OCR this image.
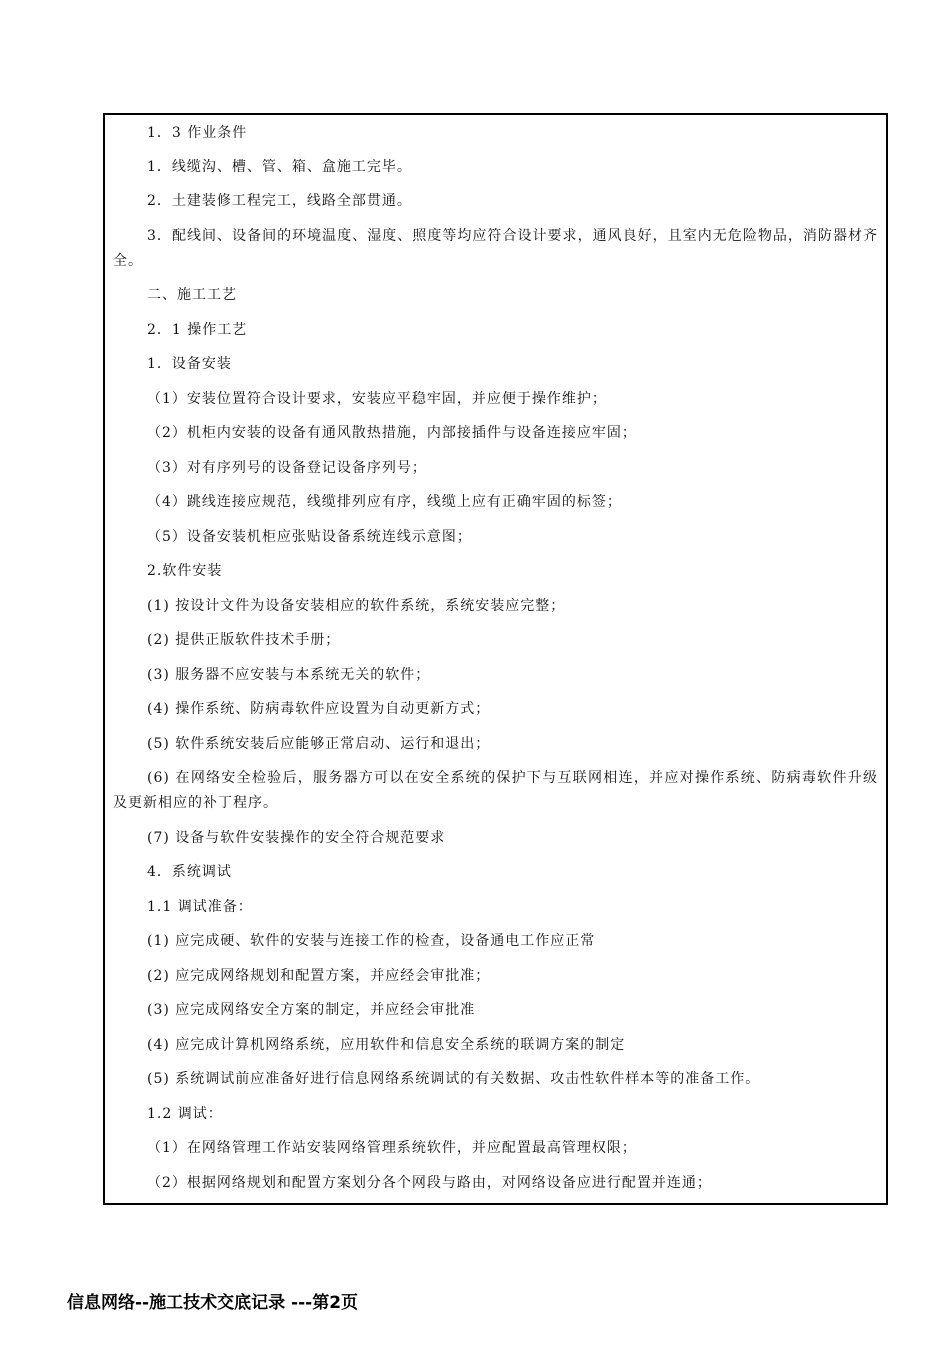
1．3 作业条件
1．线缆沟、槽、管、箱、盒施工完毕。
2．土建装修工程完工，线路全部贯通。
3．配线间、设备间的环境温度、湿度、照度等均应符合设计要求，通风良好，且室内无危险物品，消防器材齐全。
二、施工工艺
2．1 操作工艺
1．设备安装
（1）安装位置符合设计要求，安装应平稳牢固，并应便于操作维护；
（2）机柜内安装的设备有通风散热措施，内部接插件与设备连接应牢固；
（3）对有序列号的设备登记设备序列号；
（4）跳线连接应规范，线缆排列应有序，线缆上应有正确牢固的标签；
（5）设备安装机柜应张贴设备系统连线示意图；
2.软件安装
(1) 按设计文件为设备安装相应的软件系统，系统安装应完整；
(2) 提供正版软件技术手册；
(3) 服务器不应安装与本系统无关的软件；
(4) 操作系统、防病毒软件应设置为自动更新方式；
(5) 软件系统安装后应能够正常启动、运行和退出；
(6) 在网络安全检验后，服务器方可以在安全系统的保护下与互联网相连，并应对操作系统、防病毒软件升级及更新相应的补丁程序。
(7) 设备与软件安装操作的安全符合规范要求
4．系统调试
1.1 调试准备：
(1) 应完成硬、软件的安装与连接工作的检查，设备通电工作应正常
(2) 应完成网络规划和配置方案，并应经会审批准；
(3) 应完成网络安全方案的制定，并应经会审批准
(4) 应完成计算机网络系统，应用软件和信息安全系统的联调方案的制定
(5) 系统调试前应准备好进行信息网络系统调试的有关数据、攻击性软件样本等的准备工作。
1.2 调试：
（1）在网络管理工作站安装网络管理系统软件，并应配置最高管理权限；
（2）根据网络规划和配置方案划分各个网段与路由，对网络设备应进行配置并连通；
信息网络--施工技术交底记录 ---第2页
